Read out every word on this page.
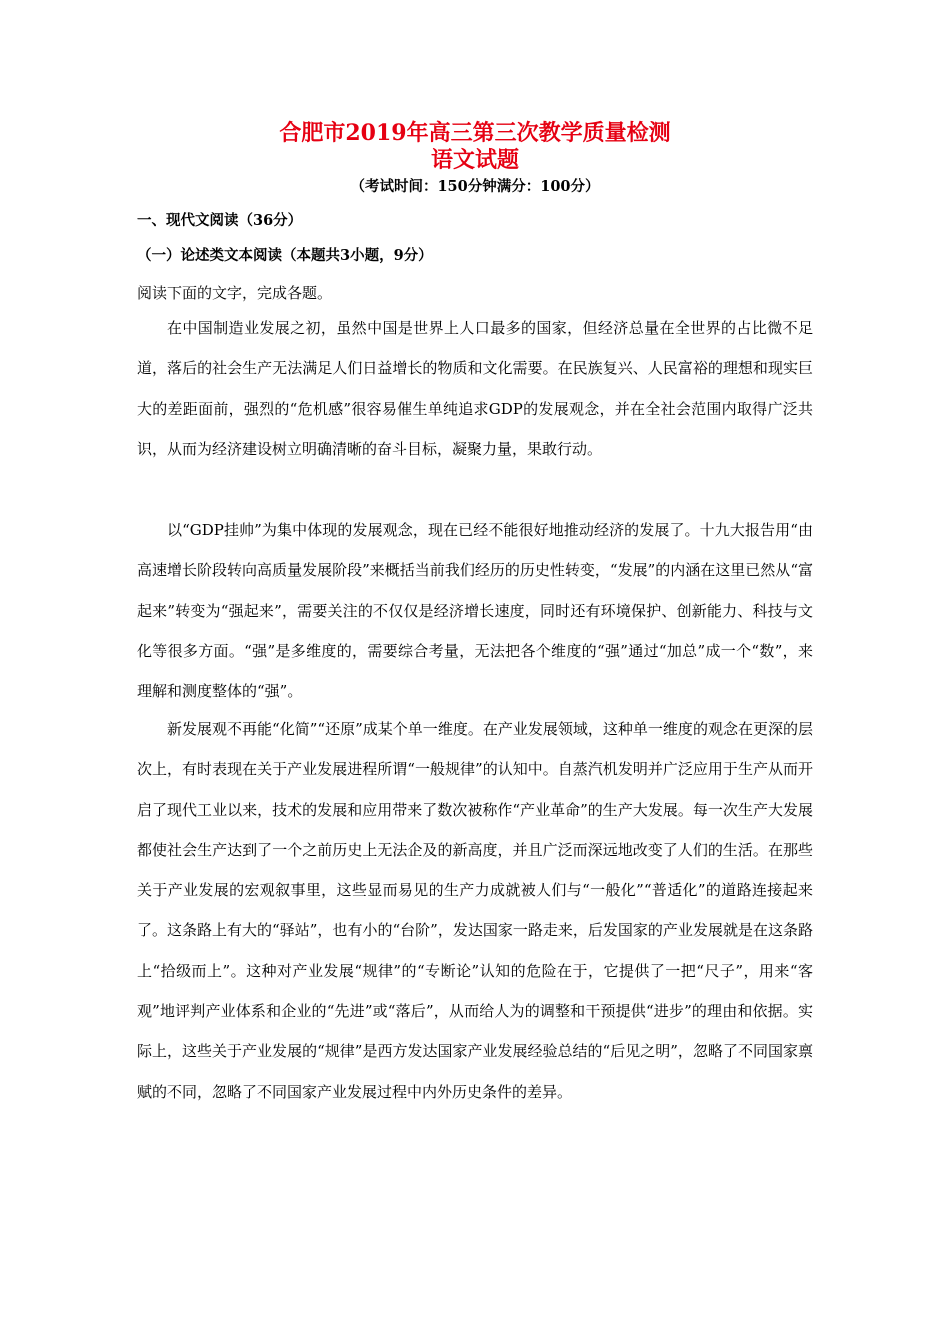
合肥市2019年高三第三次教学质量检测
语文试题
（考试时间：150分钟满分：100分）
一、现代文阅读（36分）
（一）论述类文本阅读（本题共3小题，9分）
阅读下面的文字，完成各题。

在中国制造业发展之初，虽然中国是世界上人口最多的国家，但经济总量在全世界的占比微不足道，落后的社会生产无法满足人们日益增长的物质和文化需要。在民族复兴、人民富裕的理想和现实巨大的差距面前，强烈的“危机感”很容易催生单纯追求GDP的发展观念，并在全社会范围内取得广泛共识，从而为经济建设树立明确清晰的奋斗目标，凝聚力量，果敢行动。

以“GDP挂帅”为集中体现的发展观念，现在已经不能很好地推动经济的发展了。十九大报告用“由高速增长阶段转向高质量发展阶段”来概括当前我们经历的历史性转变，“发展”的内涵在这里已然从“富起来”转变为“强起来”，需要关注的不仅仅是经济增长速度，同时还有环境保护、创新能力、科技与文化等很多方面。“强”是多维度的，需要综合考量，无法把各个维度的“强”通过“加总”成一个“数”，来理解和测度整体的“强”。

新发展观不再能“化简”“还原”成某个单一维度。在产业发展领域，这种单一维度的观念在更深的层次上，有时表现在关于产业发展进程所谓“一般规律”的认知中。自蒸汽机发明并广泛应用于生产从而开启了现代工业以来，技术的发展和应用带来了数次被称作“产业革命”的生产大发展。每一次生产大发展都使社会生产达到了一个之前历史上无法企及的新高度，并且广泛而深远地改变了人们的生活。在那些关于产业发展的宏观叙事里，这些显而易见的生产力成就被人们与“一般化”“普适化”的道路连接起来了。这条路上有大的“驿站”，也有小的“台阶”，发达国家一路走来，后发国家的产业发展就是在这条路上“拾级而上”。这种对产业发展“规律”的“专断论”认知的危险在于，它提供了一把“尺子”，用来“客观”地评判产业体系和企业的“先进”或“落后”，从而给人为的调整和干预提供“进步”的理由和依据。实际上，这些关于产业发展的“规律”是西方发达国家产业发展经验总结的“后见之明”，忽略了不同国家禀赋的不同，忽略了不同国家产业发展过程中内外历史条件的差异。
